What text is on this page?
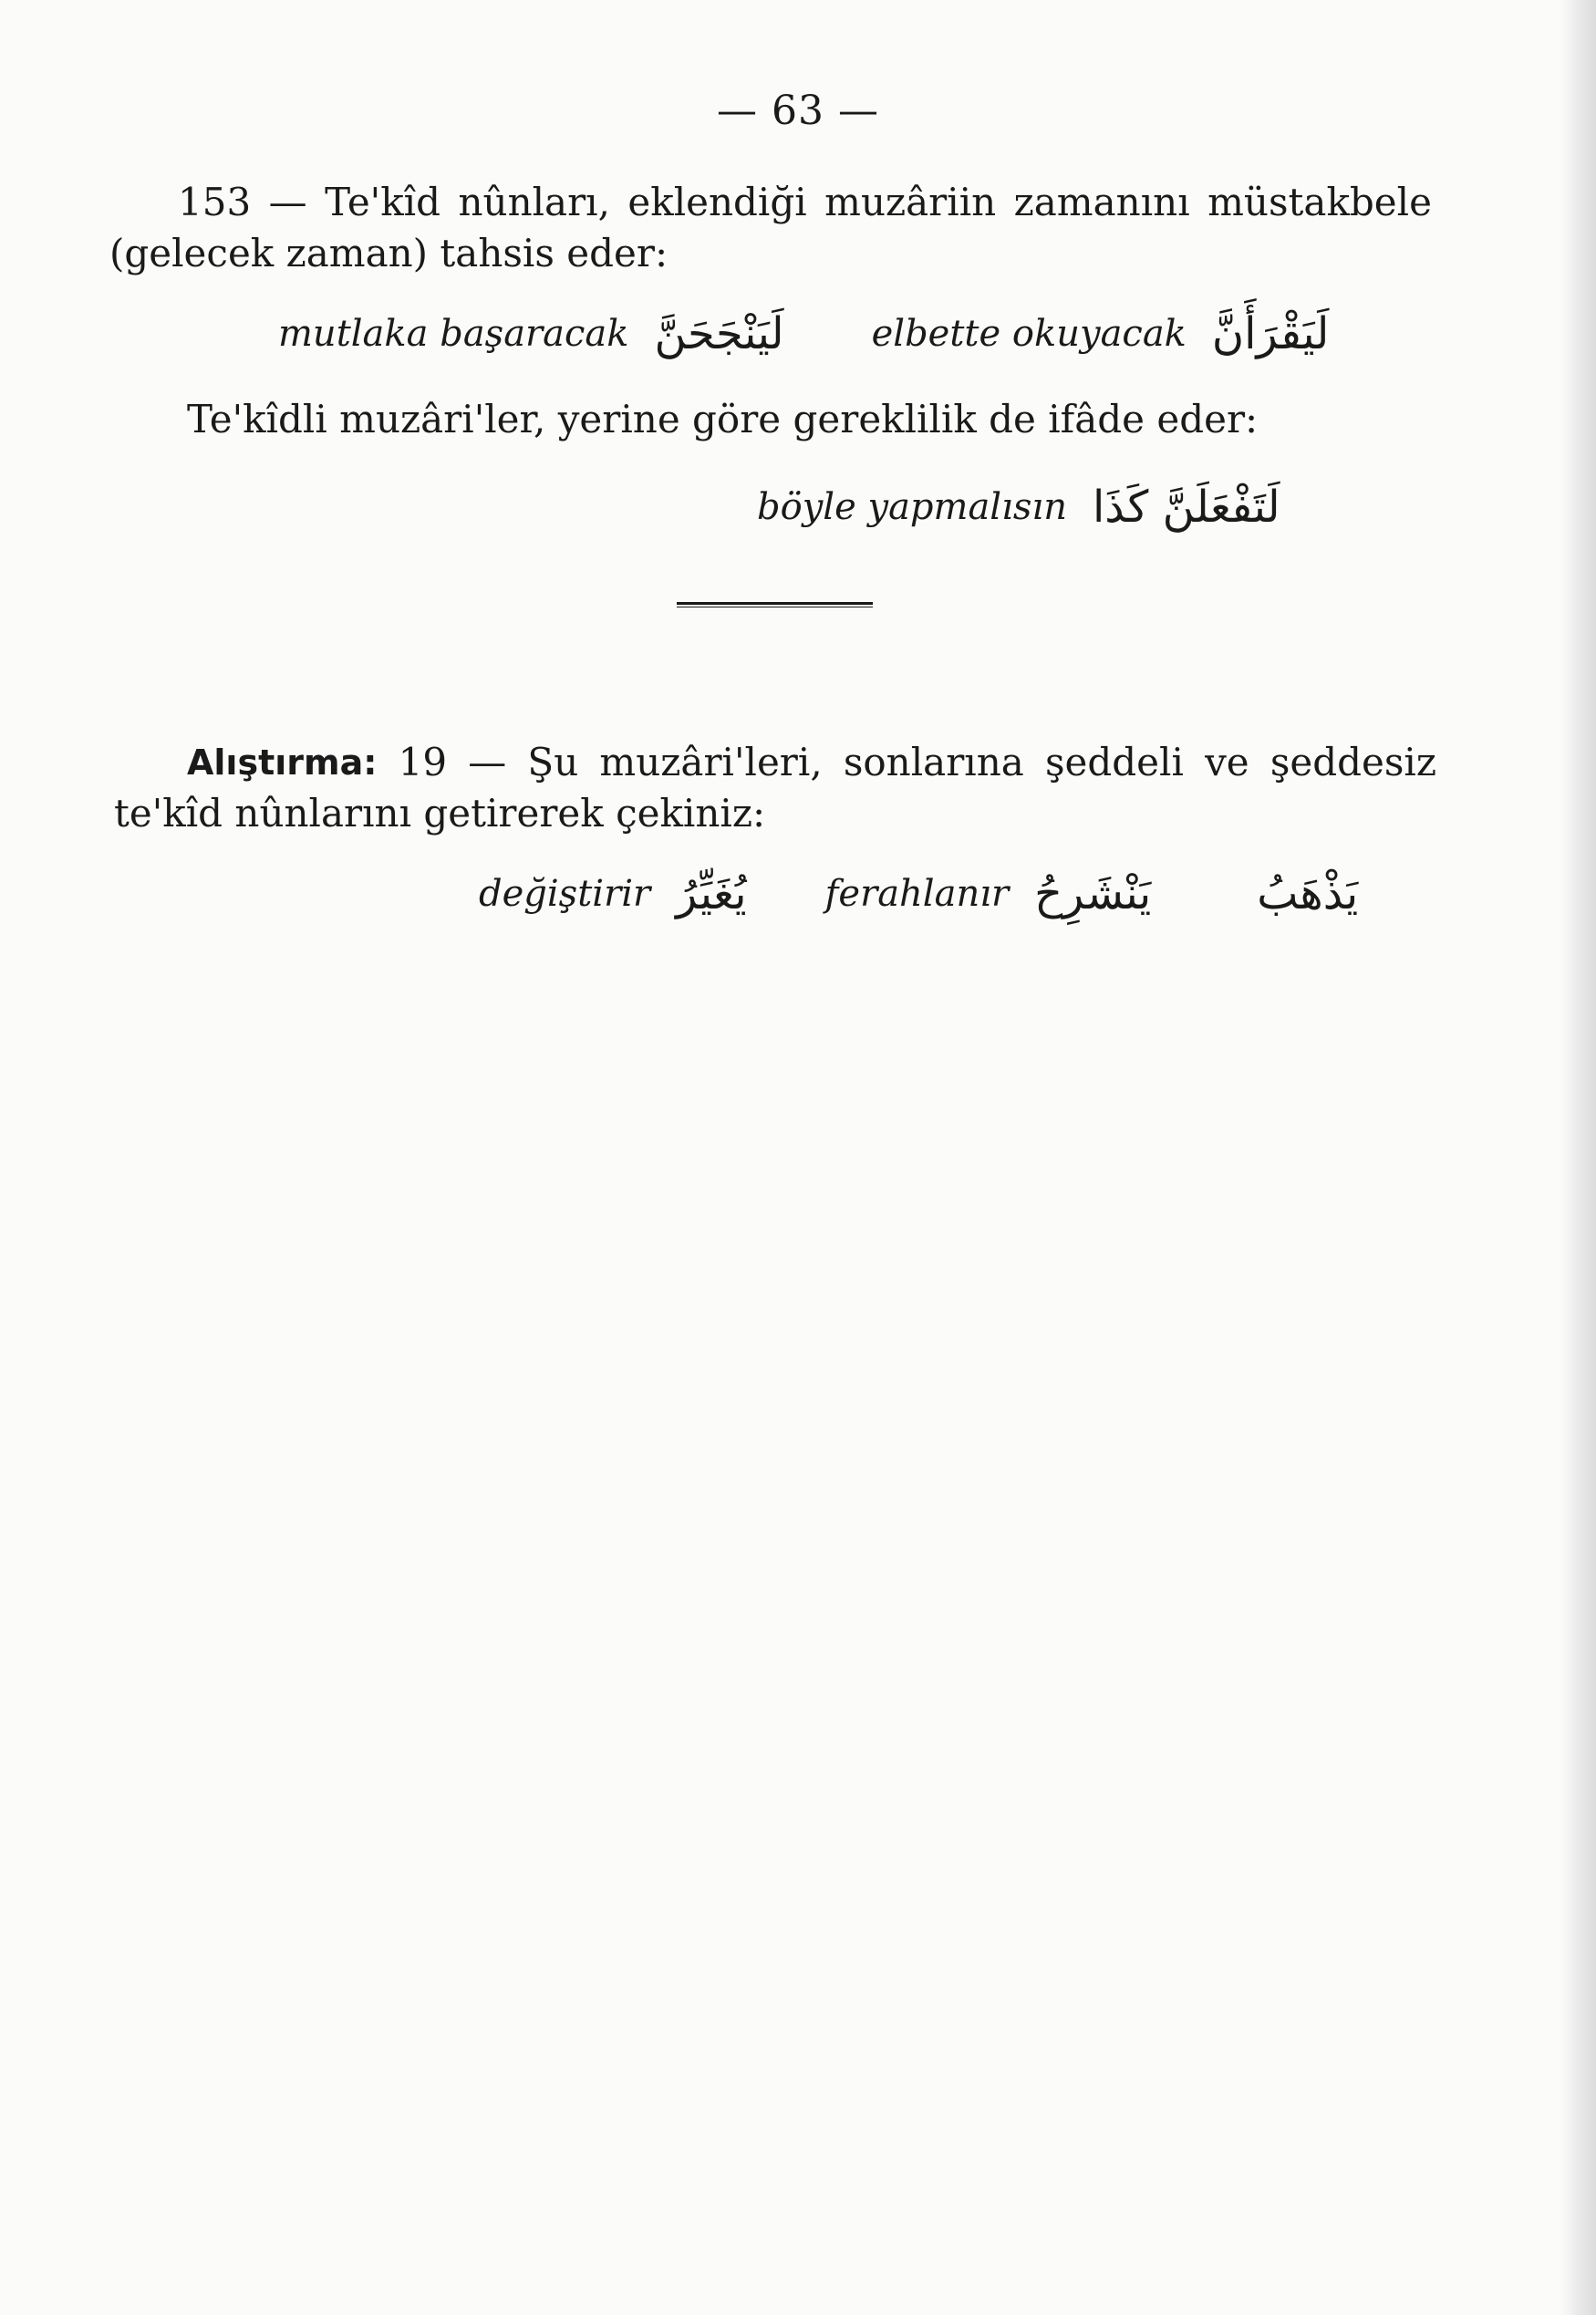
— 63 —
153 — Te'kîd nûnları, eklendiği muzâriin zamanını müstakbele
(gelecek zaman) tahsis eder:
mutlaka başaracak لَيَنْجَحَنَّ elbette okuyacak لَيَقْرَأَنَّ
Te'kîdli muzâri'ler, yerine göre gereklilik de ifâde eder:
böyle yapmalısın لَتَفْعَلَنَّ كَذَا
Alıştırma: 19 — Şu muzâri'leri, sonlarına şeddeli ve şeddesiz
te'kîd nûnlarını getirerek çekiniz:
değiştirir يُغَيِّرُ ferahlanır يَنْشَرِحُ يَذْهَبُ
